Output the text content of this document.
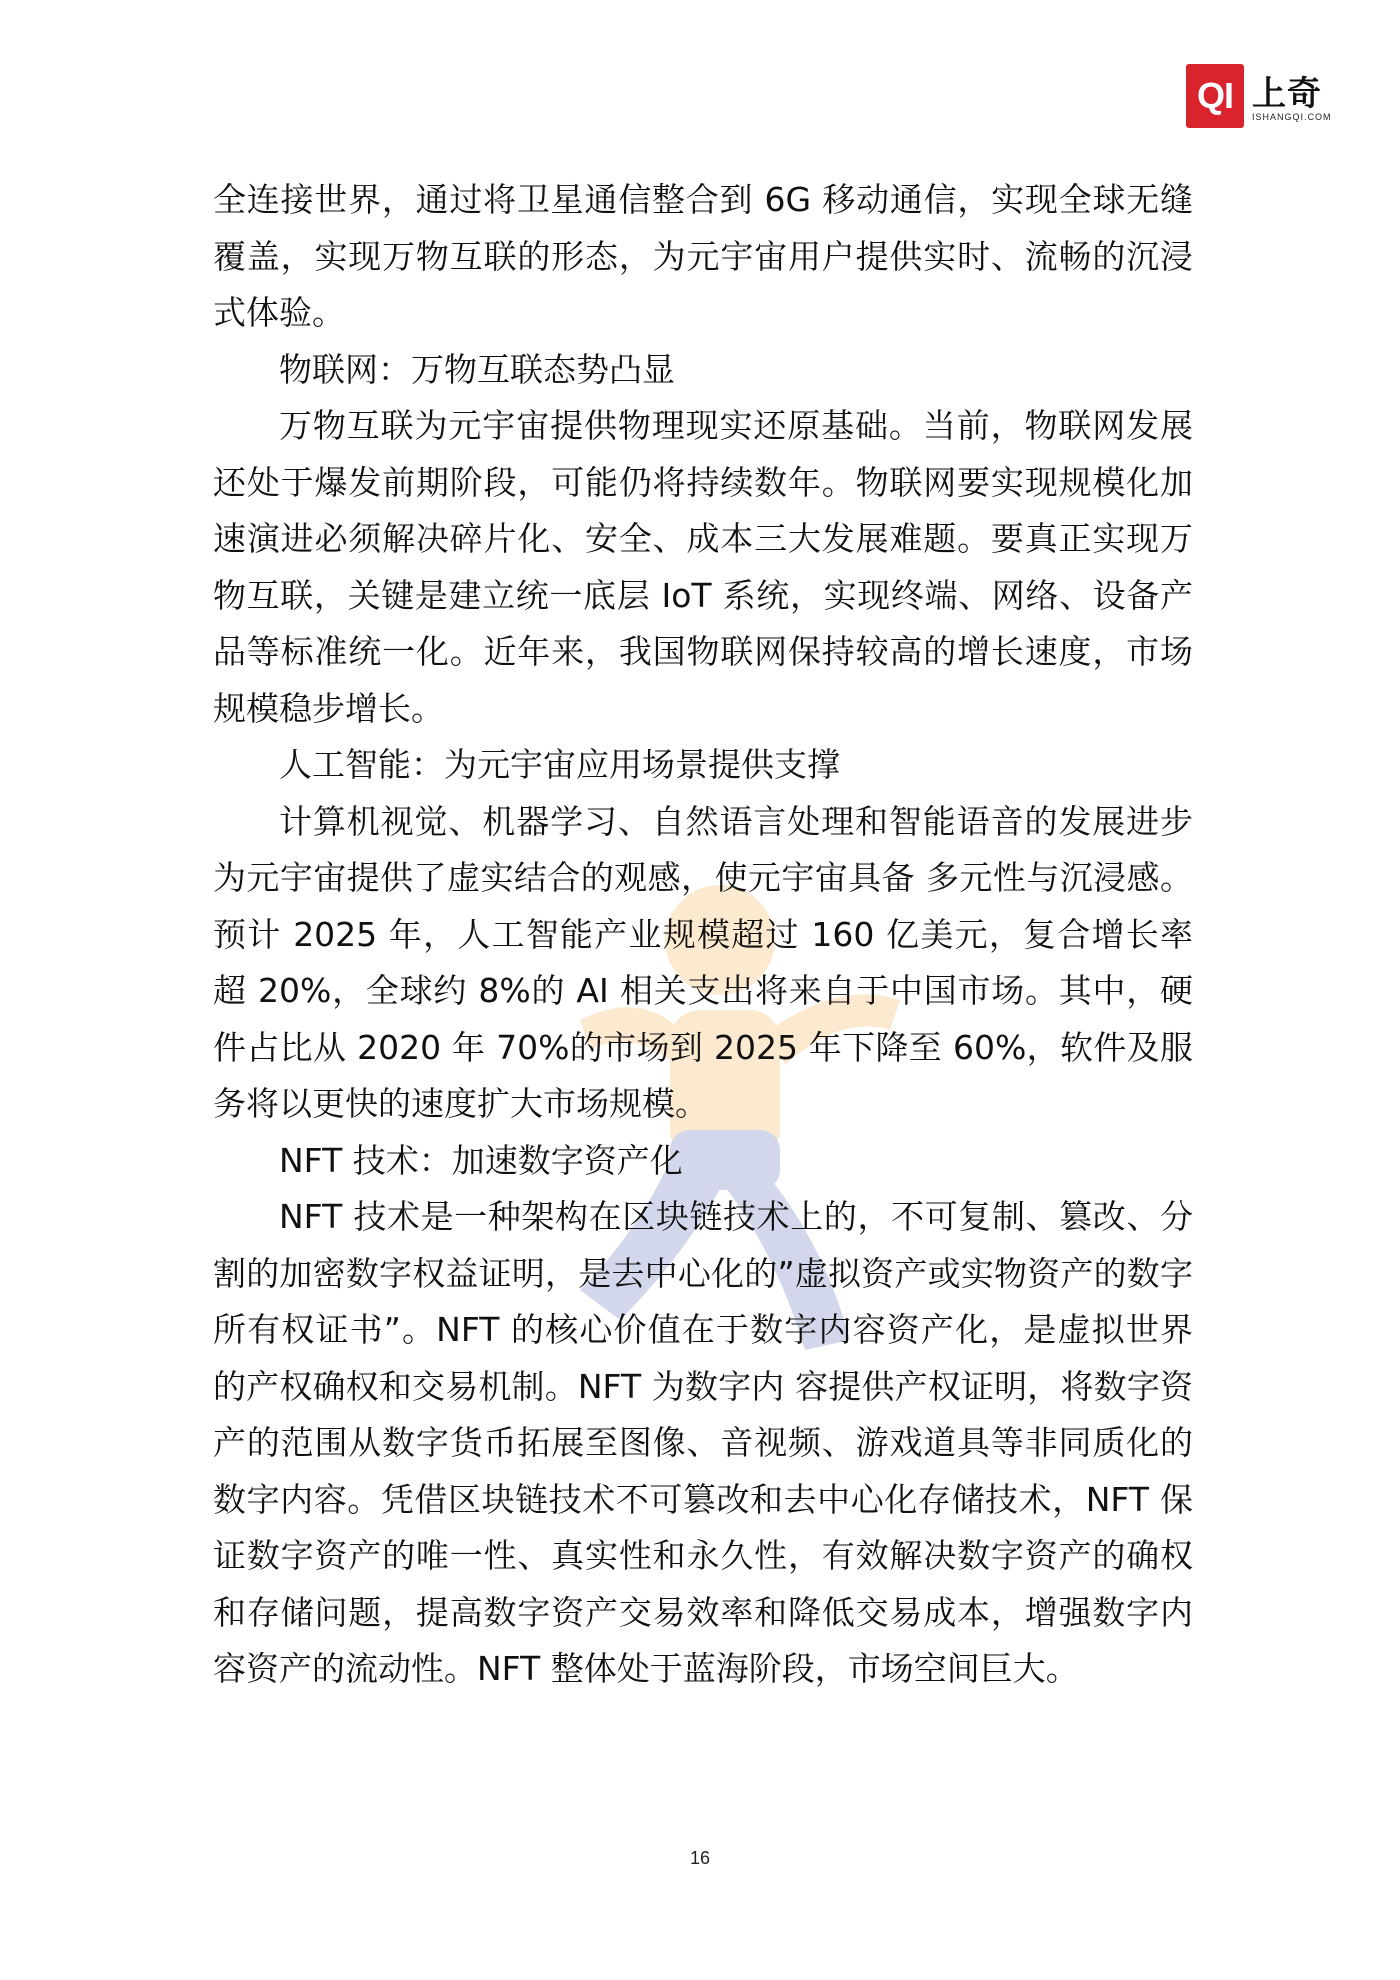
QI 上奇
ISHANGQI.COM

全连接世界，通过将卫星通信整合到 6G 移动通信，实现全球无缝覆盖，实现万物互联的形态，为元宇宙用户提供实时、流畅的沉浸式体验。

物联网：万物互联态势凸显

万物互联为元宇宙提供物理现实还原基础。当前，物联网发展还处于爆发前期阶段，可能仍将持续数年。物联网要实现规模化加速演进必须解决碎片化、安全、成本三大发展难题。要真正实现万物互联，关键是建立统一底层 IoT 系统，实现终端、网络、设备产品等标准统一化。近年来，我国物联网保持较高的增长速度，市场规模稳步增长。

人工智能：为元宇宙应用场景提供支撑

计算机视觉、机器学习、自然语言处理和智能语音的发展进步为元宇宙提供了虚实结合的观感，使元宇宙具备 多元性与沉浸感。预计 2025 年，人工智能产业规模超过 160 亿美元，复合增长率超 20%，全球约 8%的 AI 相关支出将来自于中国市场。其中，硬件占比从 2020 年 70%的市场到 2025 年下降至 60%，软件及服务将以更快的速度扩大市场规模。

NFT 技术：加速数字资产化

NFT 技术是一种架构在区块链技术上的，不可复制、篡改、分割的加密数字权益证明，是去中心化的”虚拟资产或实物资产的数字所有权证书”。NFT 的核心价值在于数字内容资产化，是虚拟世界的产权确权和交易机制。NFT 为数字内 容提供产权证明，将数字资产的范围从数字货币拓展至图像、音视频、游戏道具等非同质化的数字内容。凭借区块链技术不可篡改和去中心化存储技术，NFT 保证数字资产的唯一性、真实性和永久性，有效解决数字资产的确权和存储问题，提高数字资产交易效率和降低交易成本，增强数字内容资产的流动性。NFT 整体处于蓝海阶段，市场空间巨大。

16
